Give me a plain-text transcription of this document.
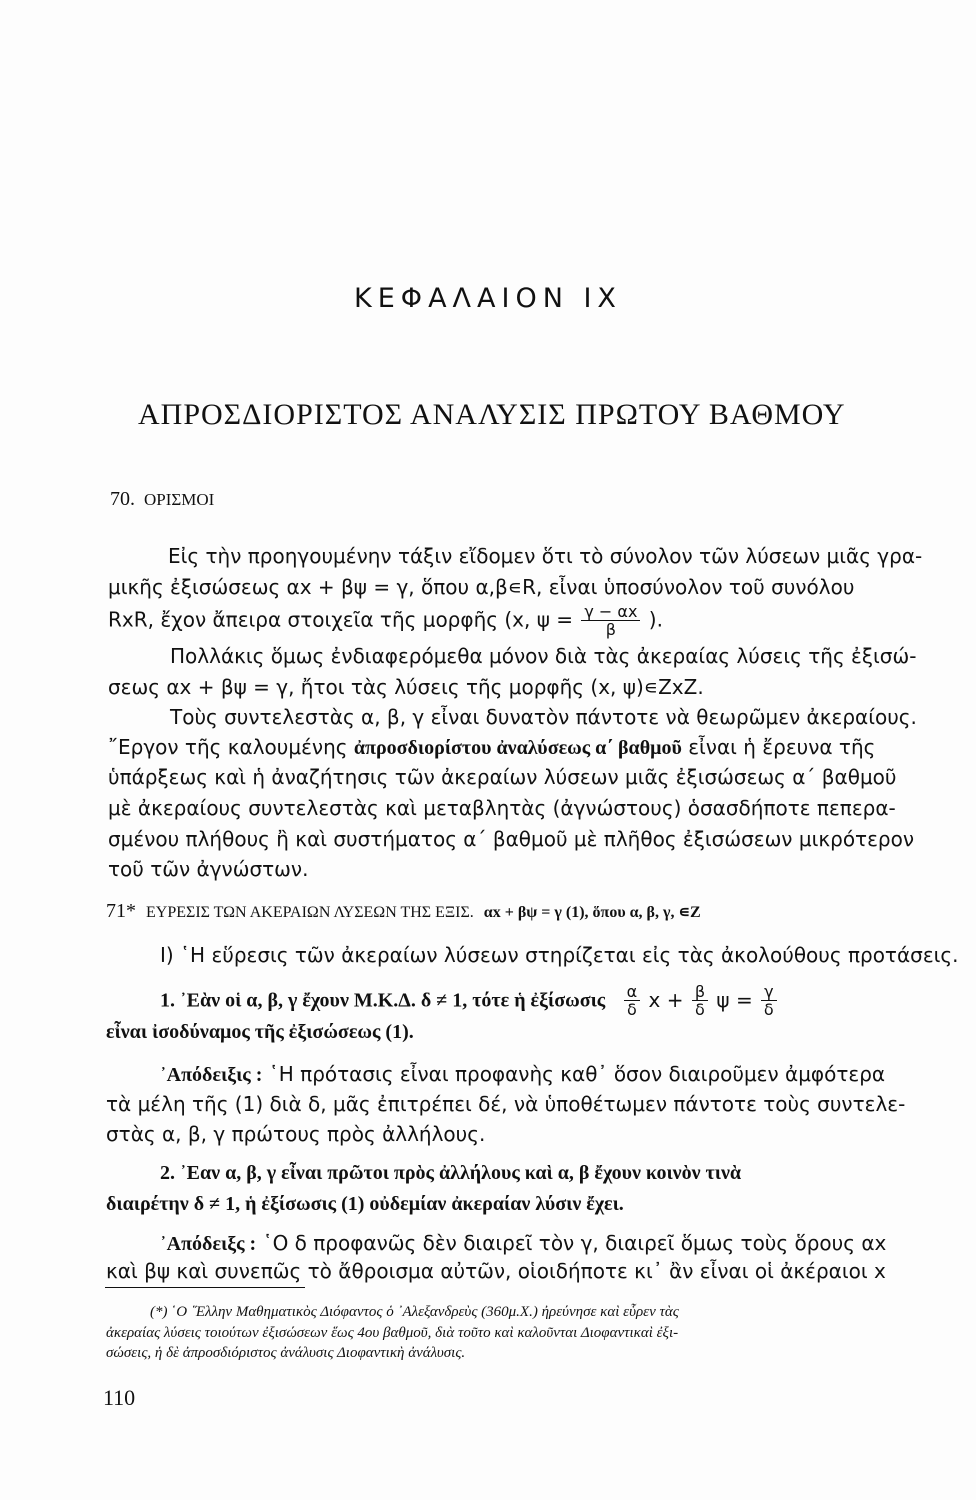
ΚΕΦΑΛΑΙΟΝ ΙΧ
ΑΠΡΟΣΔΙΟΡΙΣΤΟΣ ΑΝΑΛΥΣΙΣ ΠΡΩΤΟΥ ΒΑΘΜΟΥ
70. ΟΡΙΣΜΟΙ
Εἰς τὴν προηγουμένην τάξιν εἴδομεν ὅτι τὸ σύνολον τῶν λύσεων μιᾶς γρα-
μικῆς ἐξισώσεως αx + βψ = γ, ὅπου α,β∊R, εἶναι ὑποσύνολον τοῦ συνόλου
RxR, ἔχον ἄπειρα στοιχεῖα τῆς μορφῆς (x, $\psi = \frac{\gamma - \alpha x}{\beta}$ ).
Πολλάκις ὅμως ἐνδιαφερόμεθα μόνον διὰ τὰς ἀκεραίας λύσεις τῆς ἐξισώ-
σεως αx + βψ = γ, ἤτοι τὰς λύσεις τῆς μορφῆς (x, ψ)∊ZxZ.
Τοὺς συντελεστὰς α, β, γ εἶναι δυνατὸν πάντοτε νὰ θεωρῶμεν ἀκεραίους.
῎Εργον τῆς καλουμένης ἀπροσδιορίστου ἀναλύσεως α΄ βαθμοῦ εἶναι ἡ ἔρευνα τῆς
ὑπάρξεως καὶ ἡ ἀναζήτησις τῶν ἀκεραίων λύσεων μιᾶς ἐξισώσεως α΄ βαθμοῦ
μὲ ἀκεραίους συντελεστὰς καὶ μεταβλητὰς (ἀγνώστους) ὁσασδήποτε πεπερα-
σμένου πλήθους ἢ καὶ συστήματος α΄ βαθμοῦ μὲ πλῆθος ἐξισώσεων μικρότερον
τοῦ τῶν ἀγνώστων.
71* ΕΥΡΕΣΙΣ ΤΩΝ ΑΚΕΡΑΙΩΝ ΛΥΣΕΩΝ ΤΗΣ ΕΞΙΣ. αx + βψ = γ (1), ὅπου α, β, γ, ∊Z
Ι) ῾Η εὕρεσις τῶν ἀκεραίων λύσεων στηρίζεται εἰς τὰς ἀκολούθους προτάσεις.
1. ᾿Εὰν οἱ α, β, γ ἔχουν Μ.Κ.Δ. δ ≠ 1, τότε ἡ ἐξίσωσις $\frac{\alpha}{\delta}$ $x + \frac{\beta}{\delta}$ $\psi = \frac{\gamma}{\delta}$
εἶναι ἰσοδύναμος τῆς ἐξισώσεως (1).
᾿Απόδειξις : ῾Η πρότασις εἶναι προφανὴς καθ᾿ ὅσον διαιροῦμεν ἀμφότερα
τὰ μέλη τῆς (1) διὰ δ, μᾶς ἐπιτρέπει δέ, νὰ ὑποθέτωμεν πάντοτε τοὺς συντελε-
στὰς α, β, γ πρώτους πρὸς ἀλλήλους.
2. ᾿Εαν α, β, γ εἶναι πρῶτοι πρὸς ἀλλήλους καὶ α, β ἔχουν κοινὸν τινὰ
διαιρέτην δ ≠ 1, ἡ ἐξίσωσις (1) οὐδεμίαν ἀκεραίαν λύσιν ἔχει.
᾿Απόδειξς : ῾Ο δ προφανῶς δὲν διαιρεῖ τὸν γ, διαιρεῖ ὅμως τοὺς ὅρους αx
καὶ βψ καὶ συνεπῶς τὸ ἄθροισμα αὐτῶν, οἱοιδήποτε κι᾿ ἂν εἶναι οἱ ἀκέραιοι x
(*) ῾Ο ῞Ελλην Μαθηματικὸς Διόφαντος ὁ ᾿Αλεξανδρεὺς (360μ.Χ.) ἠρεύνησε καὶ εὗρεν τὰς
ἀκεραίας λύσεις τοιούτων ἐξισώσεων ἕως 4ου βαθμοῦ, διὰ τοῦτο καὶ καλοῦνται Διοφαντικαὶ ἐξι-
σώσεις, ἡ δὲ ἀπροσδιόριστος ἀνάλυσις Διοφαντικὴ ἀνάλυσις.
110
